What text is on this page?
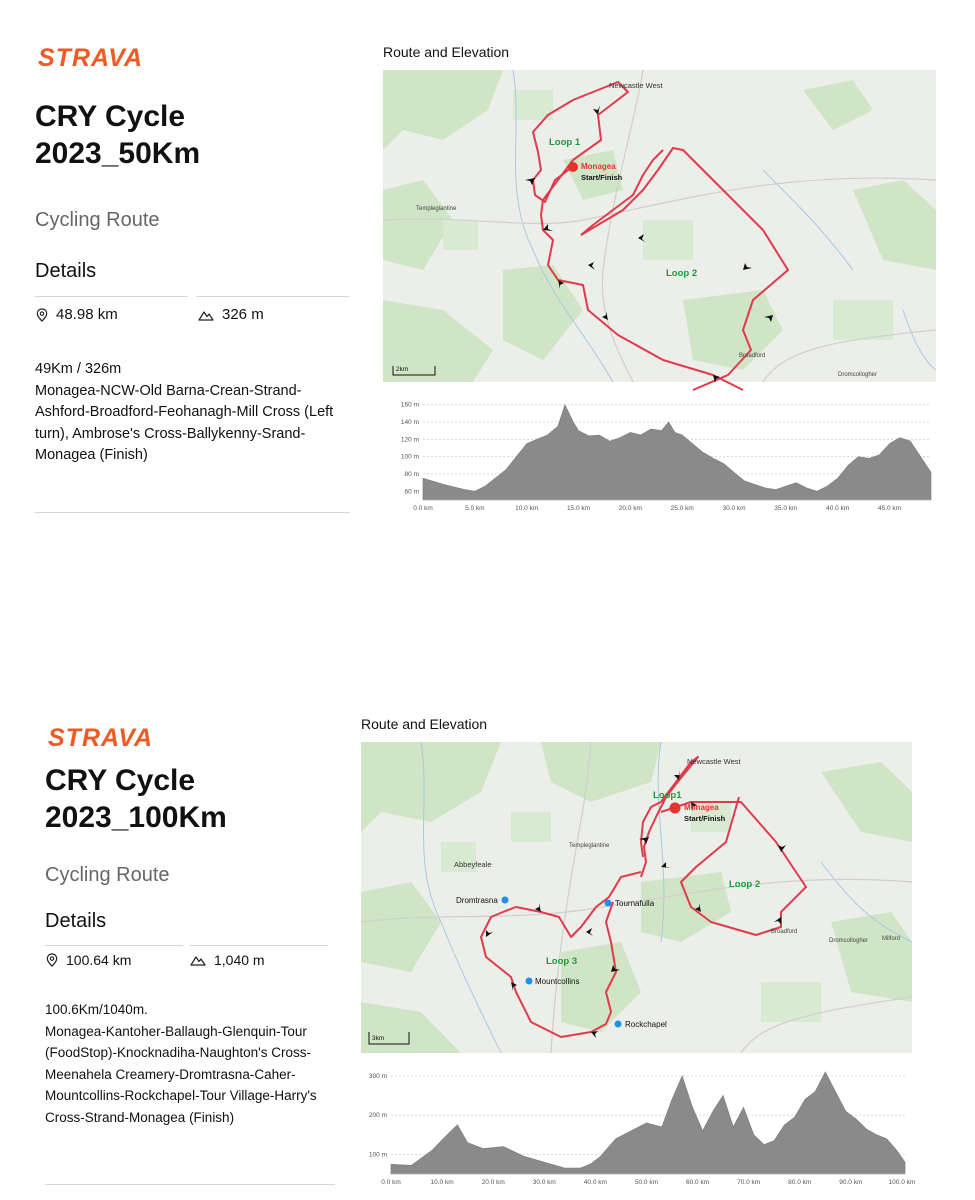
STRAVA
CRY Cycle
2023_50Km
Cycling Route
Details
48.98 km	326 m

49Km / 326m

Monagea-NCW-Old Barna-Crean-Strand-Ashford-Broadford-Feohanagh-Mill Cross (Left turn), Ambrose's Cross-Ballykenny-Srand-Monagea (Finish)

Route and Elevation
Monagea
Start/Finish
Loop 1
Loop 2
Newcastle West
Templeglantine
Broadford
Dromcollogher
2km
160 m
140 m
120 m
100 m
80 m
60 m
0.0 km	5.0 km	10.0 km	15.0 km	20.0 km	25.0 km	30.0 km	35.0 km	40.0 km	45.0 km
STRAVA
CRY Cycle
2023_100Km
Cycling Route
Details
100.64 km	1,040 m

100.6Km/1040m.

Monagea-Kantoher-Ballaugh-Glenquin-Tour (FoodStop)-Knocknadiha-Naughton's Cross-Meenahela Creamery-Dromtrasna-Caher-Mountcollins-Rockchapel-Tour Village-Harry's Cross-Strand-Monagea (Finish)

Route and Elevation
Monagea
Start/Finish
Loop1
Loop 2
Loop 3
Newcastle West
Templeglantine
Abbeyfeale
Broadford
Dromcollogher Milford
Dromtrasna	Tournafulla
Mountcollins
Rockchapel
3km
300 m
200 m
100 m
0.0 km	10.0 km	20.0 km	30.0 km	40.0 km	50.0 km	60.0 km	70.0 km	80.0 km	90.0 km	100.0 km
